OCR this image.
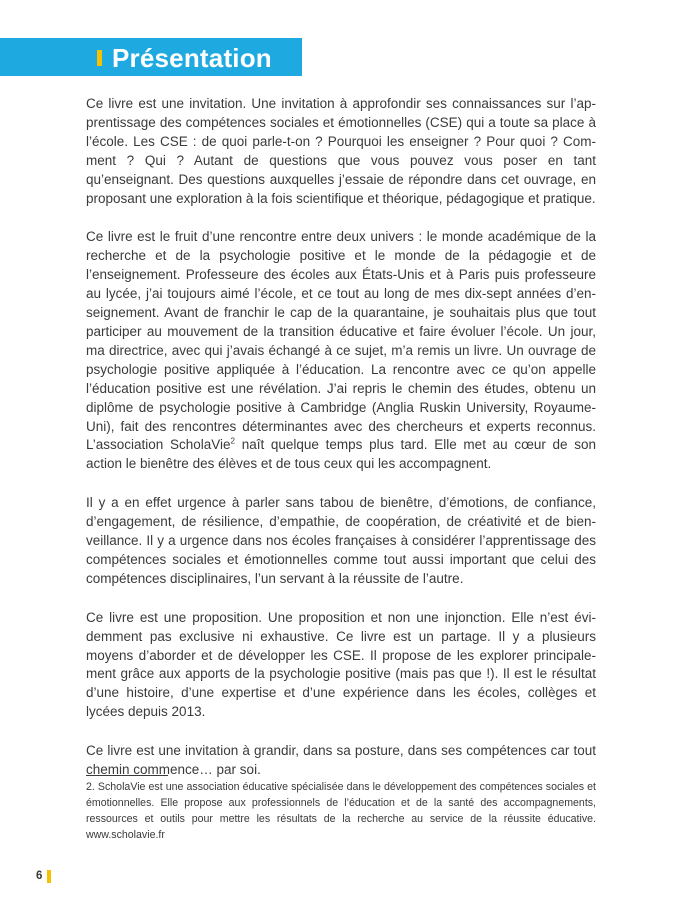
Présentation

Ce livre est une invitation. Une invitation à approfondir ses connaissances sur l’apprentissage des compétences sociales et émotionnelles (CSE) qui a toute sa place à l’école. Les CSE : de quoi parle-t-on ? Pourquoi les enseigner ? Pour quoi ? Comment ? Qui ? Autant de questions que vous pouvez vous poser en tant qu’enseignant. Des questions auxquelles j’essaie de répondre dans cet ouvrage, en proposant une exploration à la fois scientifique et théorique, pédagogique et pratique.

Ce livre est le fruit d’une rencontre entre deux univers : le monde académique de la recherche et de la psychologie positive et le monde de la pédagogie et de l’enseignement. Professeure des écoles aux États-Unis et à Paris puis professeure au lycée, j’ai toujours aimé l’école, et ce tout au long de mes dix-sept années d’enseignement. Avant de franchir le cap de la quarantaine, je souhaitais plus que tout participer au mouvement de la transition éducative et faire évoluer l’école. Un jour, ma directrice, avec qui j’avais échangé à ce sujet, m’a remis un livre. Un ouvrage de psychologie positive appliquée à l’éducation. La rencontre avec ce qu’on appelle l’éducation positive est une révélation. J’ai repris le chemin des études, obtenu un diplôme de psychologie positive à Cambridge (Anglia Ruskin University, Royaume-Uni), fait des rencontres déterminantes avec des chercheurs et experts reconnus. L’association ScholaVie$^2$ naît quelque temps plus tard. Elle met au cœur de son action le bienêtre des élèves et de tous ceux qui les accompagnent.

Il y a en effet urgence à parler sans tabou de bienêtre, d’émotions, de confiance, d’engagement, de résilience, d’empathie, de coopération, de créativité et de bienveillance. Il y a urgence dans nos écoles françaises à considérer l’apprentissage des compétences sociales et émotionnelles comme tout aussi important que celui des compétences disciplinaires, l’un servant à la réussite de l’autre.

Ce livre est une proposition. Une proposition et non une injonction. Elle n’est évidemment pas exclusive ni exhaustive. Ce livre est un partage. Il y a plusieurs moyens d’aborder et de développer les CSE. Il propose de les explorer principalement grâce aux apports de la psychologie positive (mais pas que !). Il est le résultat d’une histoire, d’une expertise et d’une expérience dans les écoles, collèges et lycées depuis 2013.

Ce livre est une invitation à grandir, dans sa posture, dans ses compétences car tout chemin commence… par soi.

2. ScholaVie est une association éducative spécialisée dans le développement des compétences sociales et émotionnelles. Elle propose aux professionnels de l’éducation et de la santé des accompagnements, ressources et outils pour mettre les résultats de la recherche au service de la réussite éducative. www.scholavie.fr

6
